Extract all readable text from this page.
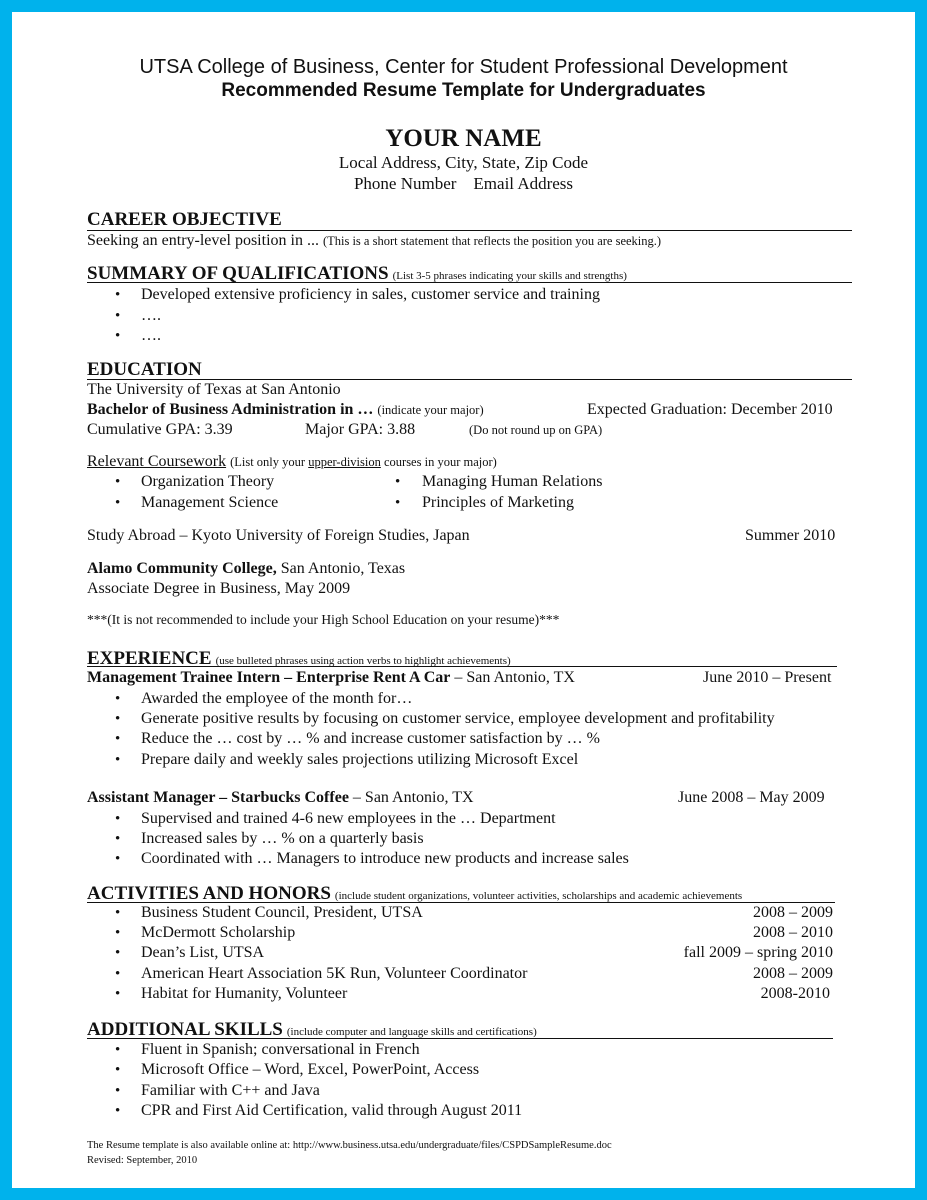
UTSA College of Business, Center for Student Professional Development
Recommended Resume Template for Undergraduates
YOUR NAME
Local Address, City, State, Zip Code
Phone Number    Email Address
CAREER OBJECTIVE
Seeking an entry-level position in ... (This is a short statement that reflects the position you are seeking.)
SUMMARY OF QUALIFICATIONS (List 3-5 phrases indicating your skills and strengths)
• Developed extensive proficiency in sales, customer service and training
• ….
• ….
EDUCATION
The University of Texas at San Antonio
Bachelor of Business Administration in … (indicate your major)	Expected Graduation: December 2010
Cumulative GPA: 3.39	Major GPA: 3.88	(Do not round up on GPA)
Relevant Coursework (List only your upper-division courses in your major)
• Organization Theory
• Management Science
• Managing Human Relations
• Principles of Marketing
Study Abroad – Kyoto University of Foreign Studies, Japan	Summer 2010
Alamo Community College, San Antonio, Texas
Associate Degree in Business, May 2009
***(It is not recommended to include your High School Education on your resume)***
EXPERIENCE (use bulleted phrases using action verbs to highlight achievements)
Management Trainee Intern – Enterprise Rent A Car – San Antonio, TX	June 2010 – Present
• Awarded the employee of the month for…
• Generate positive results by focusing on customer service, employee development and profitability
• Reduce the … cost by … % and increase customer satisfaction by … %
• Prepare daily and weekly sales projections utilizing Microsoft Excel
Assistant Manager – Starbucks Coffee – San Antonio, TX	June 2008 – May 2009
• Supervised and trained 4-6 new employees in the … Department
• Increased sales by … % on a quarterly basis
• Coordinated with … Managers to introduce new products and increase sales
ACTIVITIES AND HONORS (include student organizations, volunteer activities, scholarships and academic achievements
• Business Student Council, President, UTSA	2008 – 2009
• McDermott Scholarship	2008 – 2010
• Dean’s List, UTSA	fall 2009 – spring 2010
• American Heart Association 5K Run, Volunteer Coordinator	2008 – 2009
• Habitat for Humanity, Volunteer	2008-2010
ADDITIONAL SKILLS (include computer and language skills and certifications)
• Fluent in Spanish; conversational in French
• Microsoft Office – Word, Excel, PowerPoint, Access
• Familiar with C++ and Java
• CPR and First Aid Certification, valid through August 2011
The Resume template is also available online at: http://www.business.utsa.edu/undergraduate/files/CSPDSampleResume.doc
Revised: September, 2010
